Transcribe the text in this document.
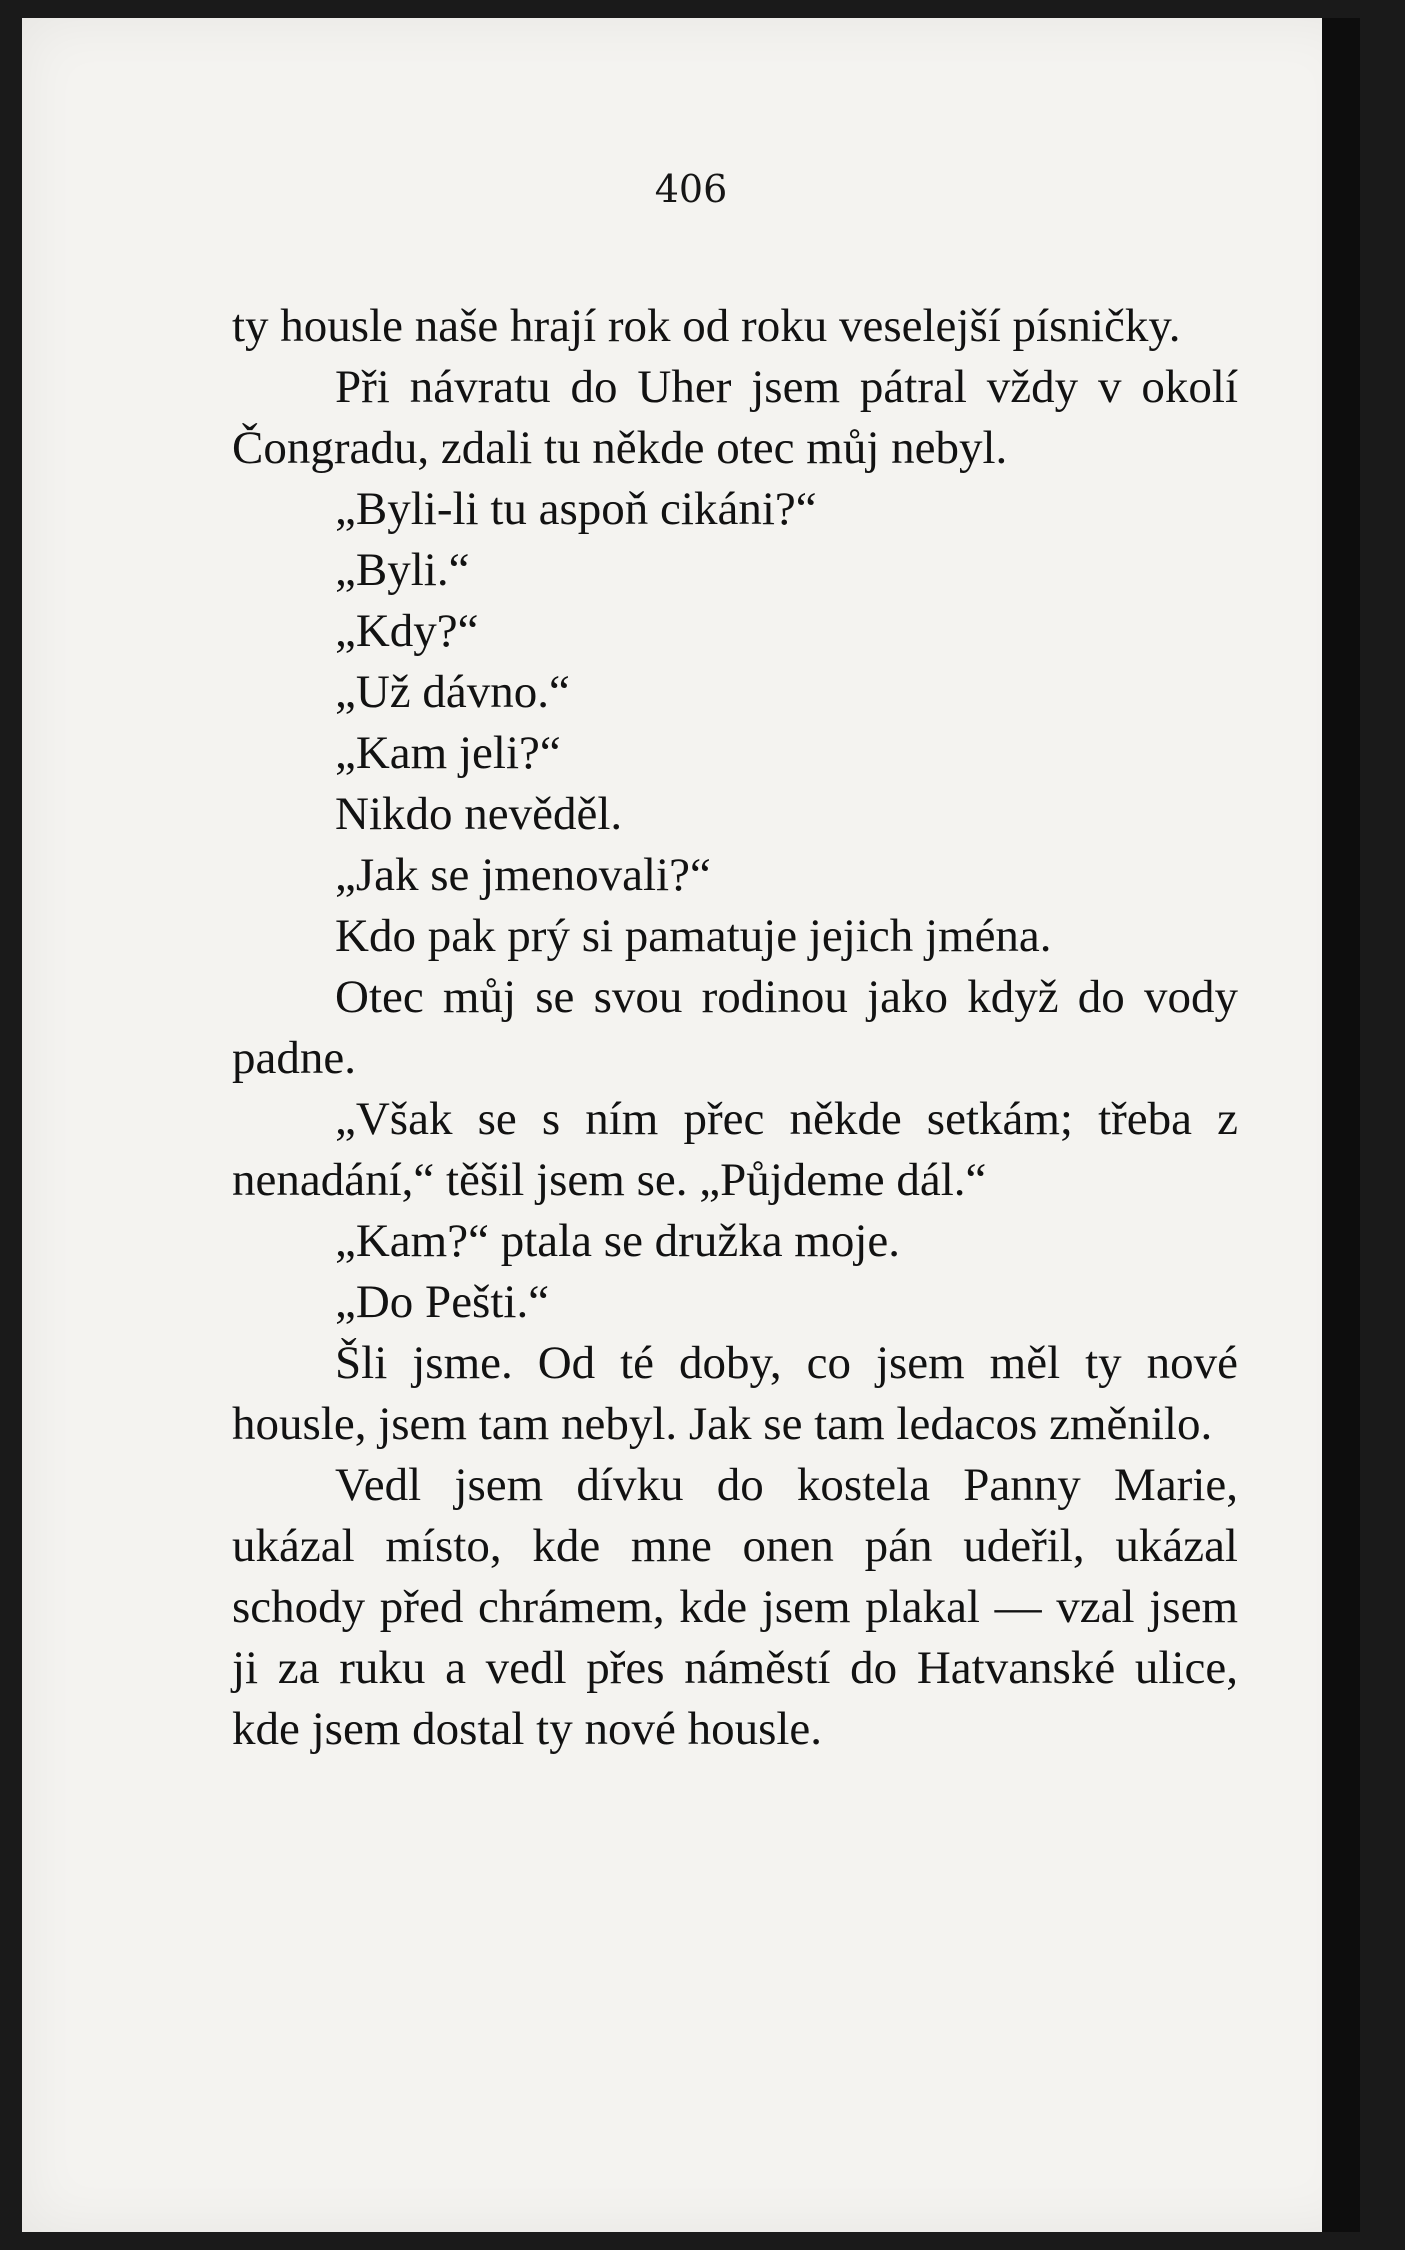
406

ty housle naše hrají rok od roku veselejší písničky.

Při návratu do Uher jsem pátral vždy v okolí Čongradu, zdali tu někde otec můj nebyl.

„Byli-li tu aspoň cikáni?“

„Byli.“

„Kdy?“

„Už dávno.“

„Kam jeli?“

Nikdo nevěděl.

„Jak se jmenovali?“

Kdo pak prý si pamatuje jejich jména.

Otec můj se svou rodinou jako když do vody padne.

„Však se s ním přec někde setkám; třeba z nenadání,“ těšil jsem se. „Půjdeme dál.“

„Kam?“ ptala se družka moje.

„Do Pešti.“

Šli jsme. Od té doby, co jsem měl ty nové housle, jsem tam nebyl. Jak se tam ledacos změnilo.

Vedl jsem dívku do kostela Panny Marie, ukázal místo, kde mne onen pán udeřil, ukázal schody před chrámem, kde jsem plakal — vzal jsem ji za ruku a vedl přes náměstí do Hatvanské ulice, kde jsem dostal ty nové housle.
